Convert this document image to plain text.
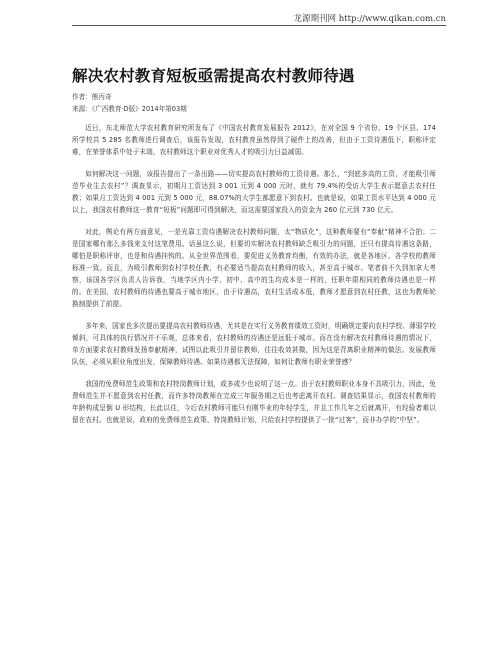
龙源期刊网 http://www.qikan.com.cn
解决农村教育短板亟需提高农村教师待遇
作者：熊丙奇
来源：《广西教育·D版》2014年第03期

近日，东北师范大学农村教育研究所发布了《中国农村教育发展报告 2012》，在对全国 9 个省份、19 个区县、174 所学校共 5 285 名教师进行调查后，该报告发现，农村教育虽然得到了硬件上的改善，但由于工资待遇低下，职称评定难，在荣誉体系中处于末端，农村教师这个职业对优秀人才的吸引力日益减弱。

如何解决这一问题，该报告提出了一条出路——切实提高农村教师的工资待遇。那么，“到底多高的工资，才能吸引师范毕业生去农村”？调查显示，初期月工资达到 3 001 元到 4 000 元时，就有 79.4%的受访大学生表示愿意去农村任教；如果月工资达到 4 001 元到 5 000 元，88.07%的大学生都愿意下到农村。也就是说，如果工资水平达到 4 000 元以上，我国农村教师这一教育“短板”问题即可得到解决，而这需要国家投入的资金为 260 亿元到 730 亿元。

对此，舆论有两方面意见，一是光靠工资待遇解决农村教师问题，太“物质化”，这种教师要有“奉献”精神不合拍；二是国家哪有那么多钱来支付这笔费用。话虽这么说，但要切实解决农村教师缺乏吸引力的问题，还只有提高待遇这条路，哪怕是职称评审，也是和待遇挂钩的。从全世界范围看，要促进义务教育均衡，有效的办法，就是各地区、各学校的教师标准一致。而且，为吸引教师到农村学校任教，有必要适当提高农村教师的收入，甚至高于城市。笔者前不久到加拿大考察，该国各学区负责人告诉我，当地学区内小学、初中、高中的生均成本是一样的，任职年限相同的教师待遇也是一样的。在美国，农村教师的待遇也要高于城市地区，由于待遇高，农村生活成本低，教师才愿意到农村任教，这也为教师轮换制提供了前提。

多年来，国家也多次提出要提高农村教师待遇，尤其是在实行义务教育绩效工资时，明确规定要向农村学校、薄弱学校倾斜，可具体的执行情况并不乐观，总体来看，农村教师的待遇还是远低于城市。而在没有解决农村教师待遇的情况下，单方面要求农村教师发扬奉献精神，试图以此吸引并留住教师，往往收效甚微，因为这是背离职业精神的做法。发展教师队伍，必须从职业角度出发，保障教师待遇。如果待遇都无法保障，如何让教师有职业荣誉感？

我国的免费师范生政策和农村特岗教师计划，或多或少也说明了这一点。由于农村教师职业本身不具吸引力，因此，免费师范生并不愿意到农村任教，而许多特岗教师在完成三年服务期之后也考虑离开农村。调查结果显示，我国农村教师的年龄构成呈倒 U 形结构，长此以往，今后农村教师可能只有刚毕业的年轻学生，并且工作几年之后就离开，有经验者难以留在农村。也就是说，政府的免费师范生政策、特岗教师计划，只给农村学校提供了一批“过客”，而非办学的“中坚”。
